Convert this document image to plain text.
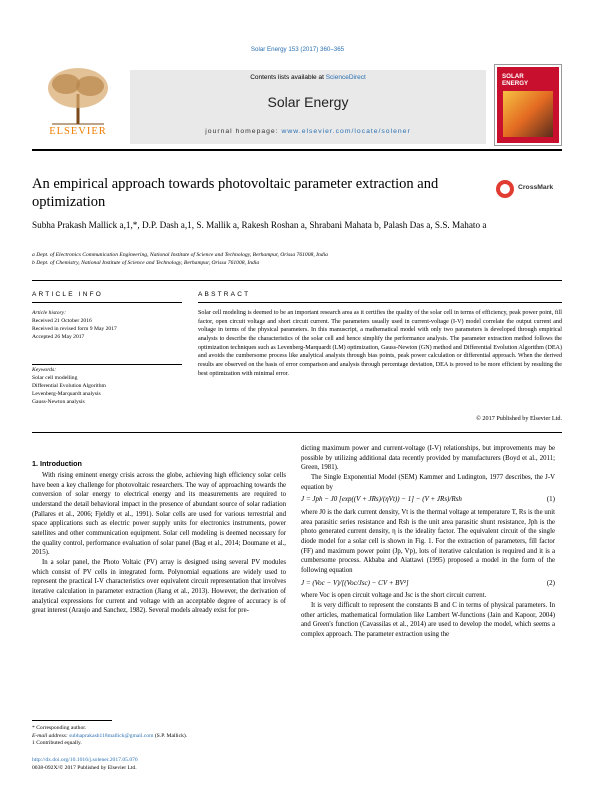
Solar Energy 153 (2017) 360–365
Contents lists available at ScienceDirect
Solar Energy
journal homepage: www.elsevier.com/locate/solener
ELSEVIER
SOLAR
ENERGY
An empirical approach towards photovoltaic parameter extraction and optimization
CrossMark
Subha Prakash Mallick a,1,*, D.P. Dash a,1, S. Mallik a, Rakesh Roshan a, Shrabani Mahata b, Palash Das a, S.S. Mahato a
a Dept. of Electronics Communication Engineering, National Institute of Science and Technology, Berhampur, Orissa 761008, India
b Dept. of Chemistry, National Institute of Science and Technology, Berhampur, Orissa 761008, India
ARTICLE INFO	ABSTRACT
Article history:
Received 21 October 2016
Received in revised form 9 May 2017
Accepted 26 May 2017
Keywords:
Solar cell modelling
Differential Evolution Algorithm
Levenberg-Marquardt analysis
Gauss-Newton analysis
Solar cell modeling is deemed to be an important research area as it certifies the quality of the solar cell in terms of efficiency, peak power point, fill factor, open circuit voltage and short circuit current. The parameters usually used in current-voltage (I-V) model correlate the output current and voltage in terms of the physical parameters. In this manuscript, a mathematical model with only two parameters is developed through empirical analysis to describe the characteristics of the solar cell and hence simplify the performance analysis. The parameter extraction method follows the optimization techniques such as Levenberg-Marquardt (LM) optimization, Gauss-Newton (GN) method and Differential Evolution Algorithm (DEA) and avoids the cumbersome process like analytical analysis through bias points, peak power calculation or differential approach. When the derived results are observed on the basis of error comparison and analysis through percentage deviation, DEA is proved to be more efficient by resulting the best optimization with minimal error.
© 2017 Published by Elsevier Ltd.
1. Introduction

With rising eminent energy crisis across the globe, achieving high efficiency solar cells have been a key challenge for photovoltaic researchers. The way of approaching towards the conversion of solar energy to electrical energy and its measurements are required to understand the detail behavioral impact in the presence of abundant source of solar radiation (Pallares et al., 2006; Fjeldly et al., 1991). Solar cells are used for various terrestrial and space applications such as electric power supply units for electronics instruments, power satellites and other communication equipment. Solar cell modeling is deemed necessary for the quality control, performance evaluation of solar panel (Bag et al., 2014; Doumane et al., 2015).

In a solar panel, the Photo Voltaic (PV) array is designed using several PV modules which consist of PV cells in integrated form. Polynomial equations are widely used to represent the practical I-V characteristics over equivalent circuit representation that involves iterative calculation in parameter extraction (Jiang et al., 2013). However, the derivation of analytical expressions for current and voltage with an acceptable degree of accuracy is of great interest (Araujo and Sanchez, 1982). Several models already exist for pre-

dicting maximum power and current-voltage (I-V) relationships, but improvements may be possible by utilizing additional data recently provided by manufacturers (Boyd et al., 2011; Green, 1981).

The Single Exponential Model (SEM) Kammer and Ludington, 1977 describes, the J-V equation by

J = Jph − J0 [exp((V + JRs)/(ηVt)) − 1] − (V + JRs)/Rsh	(1)

where J0 is the dark current density, Vt is the thermal voltage at temperature T, Rs is the unit area parasitic series resistance and Rsh is the unit area parasitic shunt resistance, Jph is the photo generated current density, η is the ideality factor. The equivalent circuit of the single diode model for a solar cell is shown in Fig. 1. For the extraction of parameters, fill factor (FF) and maximum power point (Jp, Vp), lots of iterative calculation is required and it is a cumbersome process. Akbaba and Aiattawi (1995) proposed a model in the form of the following equation

J = (Voc − V)/[(Voc/Jsc) − CV + BV²]	(2)

where Voc is open circuit voltage and Jsc is the short circuit current.

It is very difficult to represent the constants B and C in terms of physical parameters. In other articles, mathematical formulation like Lambert W-functions (Jain and Kapoor, 2004) and Green's function (Cavassilas et al., 2014) are used to develop the model, which seems a complex approach. The parameter extraction using the

* Corresponding author.
E-mail address: subhaprakash118mallick@gmail.com (S.P. Mallick).
1 Contributed equally.
http://dx.doi.org/10.1016/j.solener.2017.05.076
0038-092X/© 2017 Published by Elsevier Ltd.
